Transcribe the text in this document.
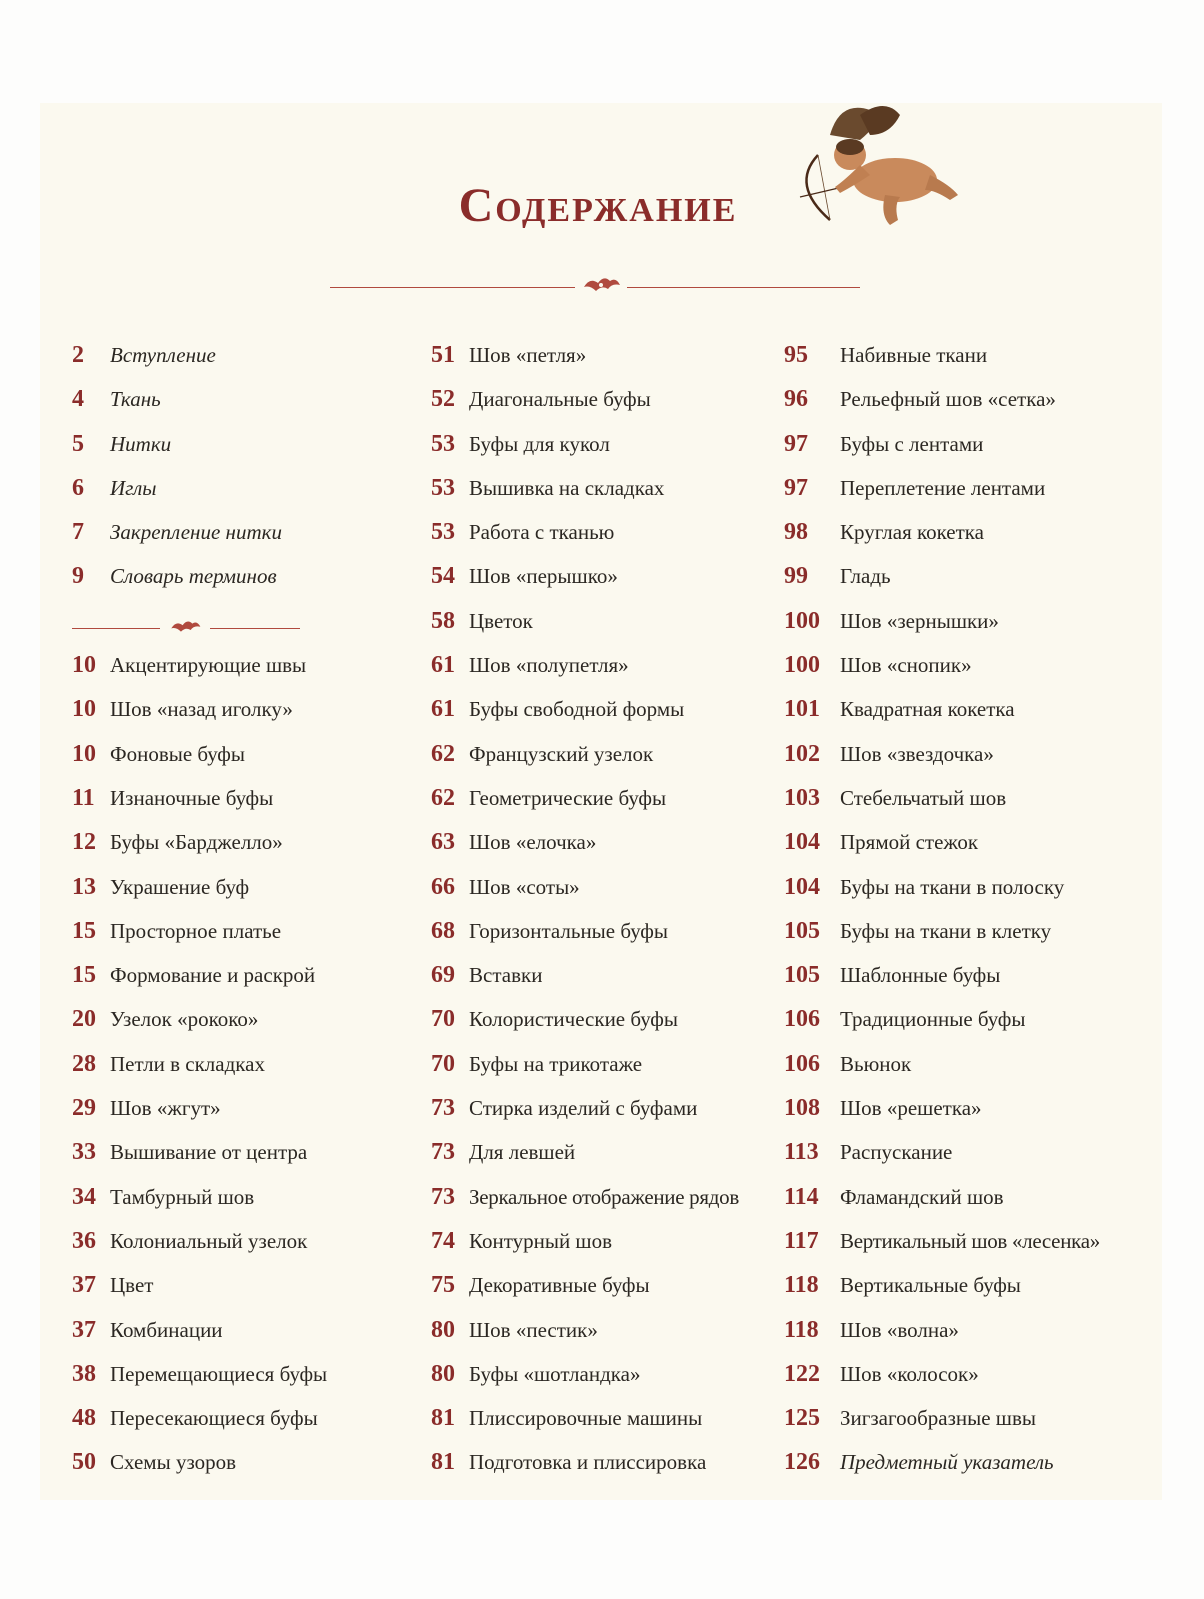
Содержание
2	Вступление
4	Ткань
5	Нитки
6	Иглы
7	Закрепление нитки
9	Словарь терминов
10 Акцентирующие швы
10 Шов «назад иголку»
10 Фоновые буфы
11 Изнаночные буфы
12 Буфы «Барджелло»
13 Украшение буф
15 Просторное платье
15 Формование и раскрой
20 Узелок «рококо»
28 Петли в складках
29 Шов «жгут»
33 Вышивание от центра
34 Тамбурный шов
36 Колониальный узелок
37 Цвет
37 Комбинации
38 Перемещающиеся буфы
48 Пересекающиеся буфы
50 Схемы узоров
51 Шов «петля»
52 Диагональные буфы
53 Буфы для кукол
53 Вышивка на складках
53 Работа с тканью
54 Шов «перышко»
58 Цветок
61 Шов «полупетля»
61 Буфы свободной формы
62 Французский узелок
62 Геометрические буфы
63 Шов «елочка»
66 Шов «соты»
68 Горизонтальные буфы
69 Вставки
70 Колористические буфы
70 Буфы на трикотаже
73 Стирка изделий с буфами
73 Для левшей
73 Зеркальное отображение рядов
74 Контурный шов
75 Декоративные буфы
80 Шов «пестик»
80 Буфы «шотландка»
81 Плиссировочные машины
81 Подготовка и плиссировка
95	Набивные ткани
96	Рельефный шов «сетка»
97	Буфы с лентами
97	Переплетение лентами
98	Круглая кокетка
99	Гладь
100 Шов «зернышки»
100 Шов «снопик»
101 Квадратная кокетка
102 Шов «звездочка»
103 Стебельчатый шов
104 Прямой стежок
104 Буфы на ткани в полоску
105 Буфы на ткани в клетку
105 Шаблонные буфы
106 Традиционные буфы
106 Вьюнок
108 Шов «решетка»
113	Распускание
114	Фламандский шов
117	Вертикальный шов «лесенка»
118	Вертикальные буфы
118	Шов «волна»
122 Шов «колосок»
125 Зигзагообразные швы
126 Предметный указатель
